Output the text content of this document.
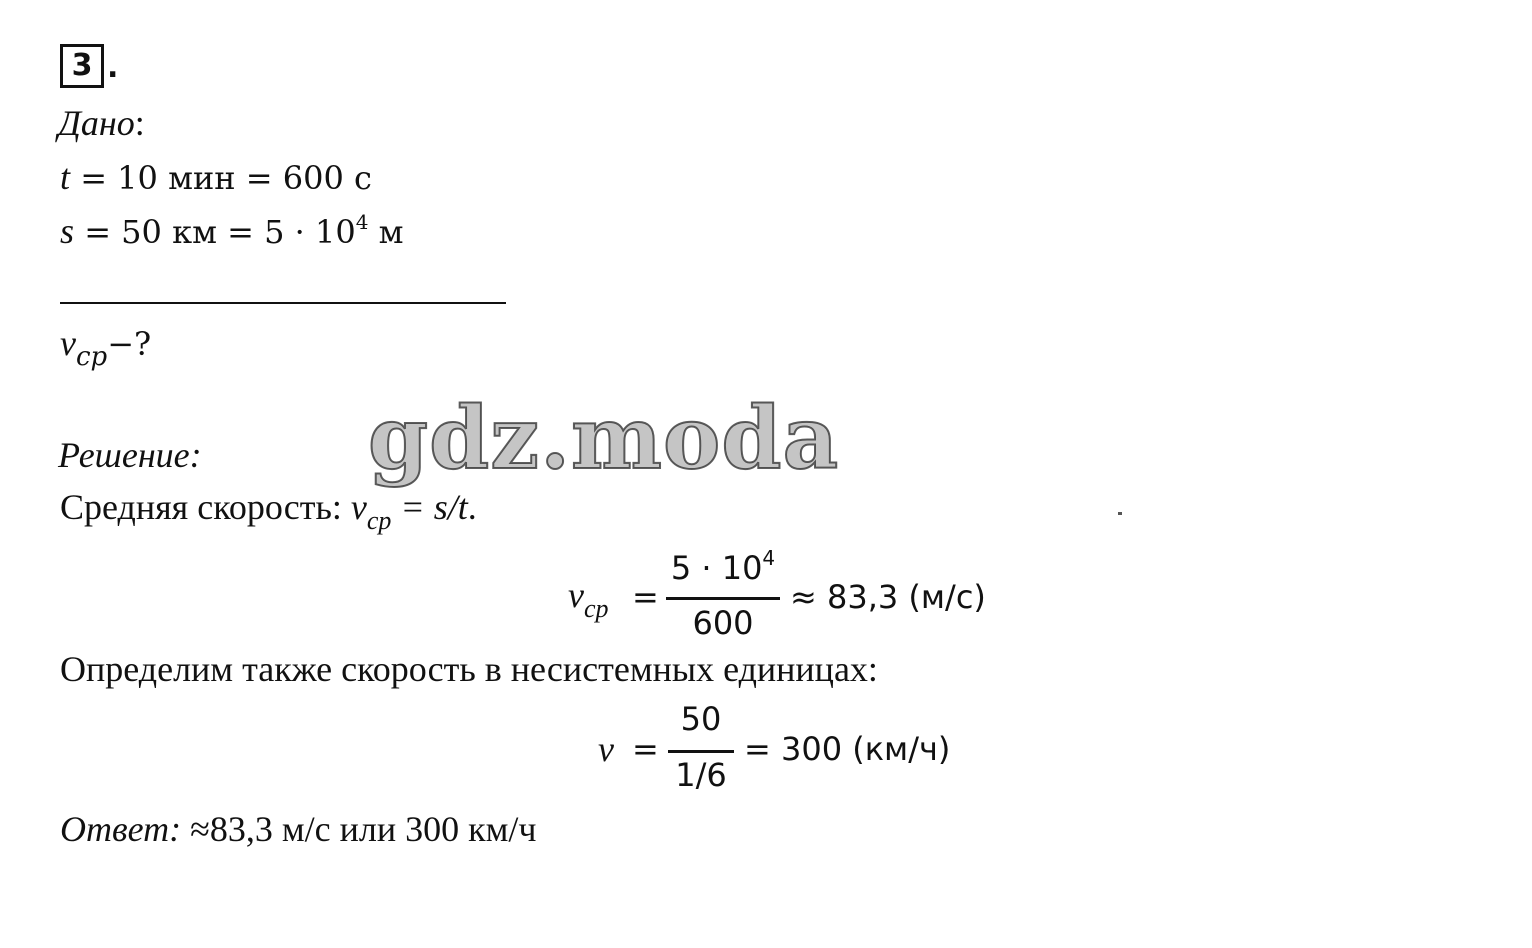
3 .
Дано:
t = 10 мин = 600 с
s = 50 км = $5 \cdot 10^4$ м
$v_{ср}-$?
Решение:
Средняя скорость: $v_{ср} = s/t$.
vср =
$5 \cdot 10^4$
600
≈ 83,3 (м/с)
Определим также скорость в несистемных единицах:
v =
50
1/6
= 300 (км/ч)
Ответ: ≈83,3 м/с или 300 км/ч
gdz.moda
